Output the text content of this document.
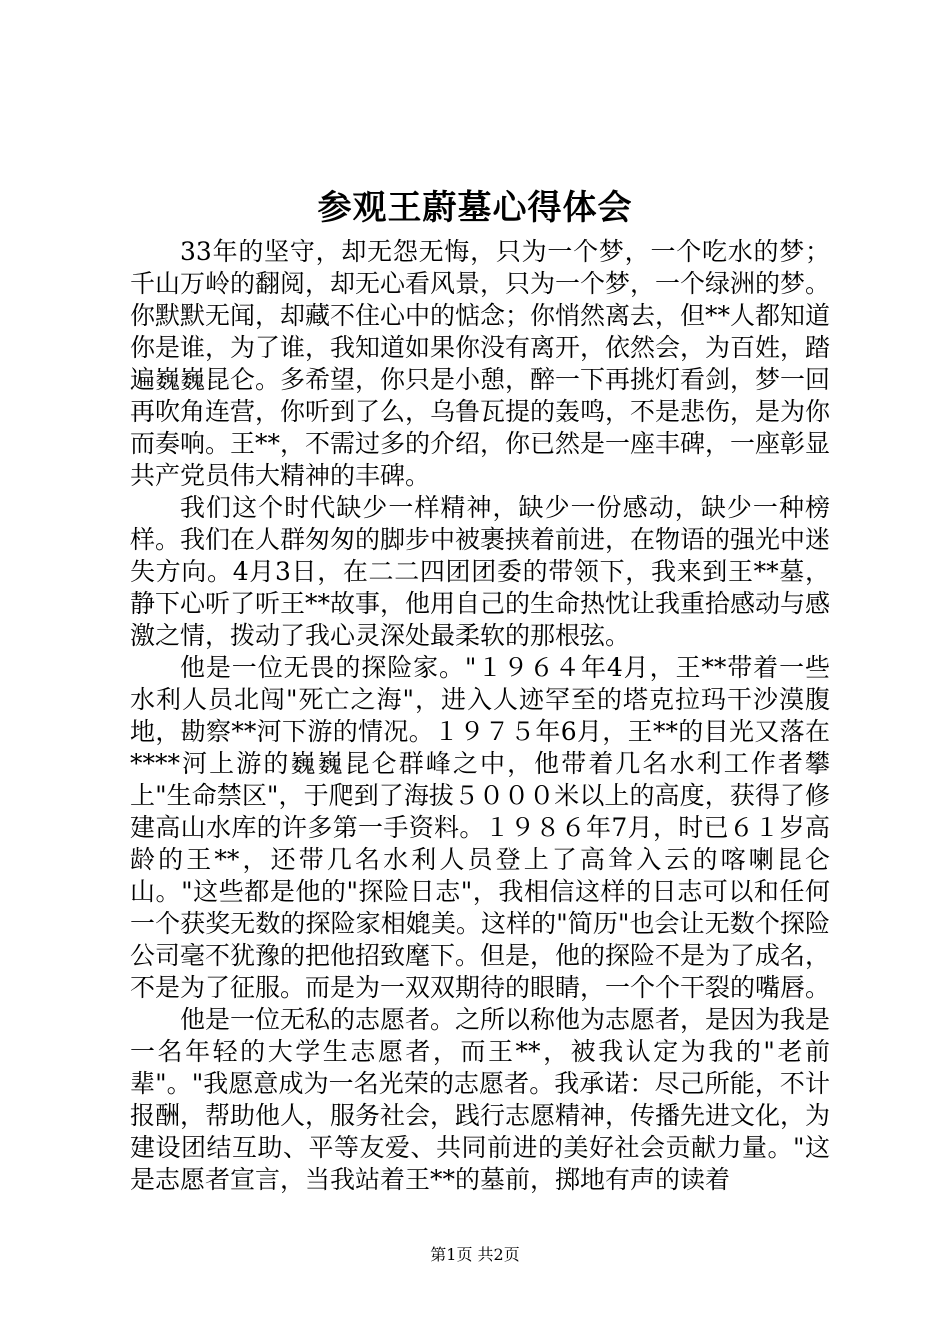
参观王蔚墓心得体会

33年的坚守，却无怨无悔，只为一个梦，一个吃水的梦；千山万岭的翻阅，却无心看风景，只为一个梦，一个绿洲的梦。你默默无闻，却藏不住心中的惦念；你悄然离去，但**人都知道你是谁，为了谁，我知道如果你没有离开，依然会，为百姓，踏遍巍巍昆仑。多希望，你只是小憩，醉一下再挑灯看剑，梦一回再吹角连营，你听到了么，乌鲁瓦提的轰鸣，不是悲伤，是为你而奏响。王**，不需过多的介绍，你已然是一座丰碑，一座彰显共产党员伟大精神的丰碑。

我们这个时代缺少一样精神，缺少一份感动，缺少一种榜样。我们在人群匆匆的脚步中被裹挟着前进，在物语的强光中迷失方向。4月3日，在二二四团团委的带领下，我来到王**墓，静下心听了听王**故事，他用自己的生命热忱让我重拾感动与感激之情，拨动了我心灵深处最柔软的那根弦。

他是一位无畏的探险家。"１９６４年4月，王**带着一些水利人员北闯"死亡之海"，进入人迹罕至的塔克拉玛干沙漠腹地，勘察**河下游的情况。１９７５年6月，王**的目光又落在****河上游的巍巍昆仑群峰之中，他带着几名水利工作者攀上"生命禁区"，于爬到了海拔５０００米以上的高度，获得了修建高山水库的许多第一手资料。１９８６年7月，时已６１岁高龄的王**，还带几名水利人员登上了高耸入云的喀喇昆仑山。"这些都是他的"探险日志"，我相信这样的日志可以和任何一个获奖无数的探险家相媲美。这样的"简历"也会让无数个探险公司毫不犹豫的把他招致麾下。但是，他的探险不是为了成名，不是为了征服。而是为一双双期待的眼睛，一个个干裂的嘴唇。

他是一位无私的志愿者。之所以称他为志愿者，是因为我是一名年轻的大学生志愿者，而王**，被我认定为我的"老前辈"。"我愿意成为一名光荣的志愿者。我承诺：尽己所能，不计报酬，帮助他人，服务社会，践行志愿精神，传播先进文化，为建设团结互助、平等友爱、共同前进的美好社会贡献力量。"这是志愿者宣言，当我站着王**的墓前，掷地有声的读着

第1页 共2页
